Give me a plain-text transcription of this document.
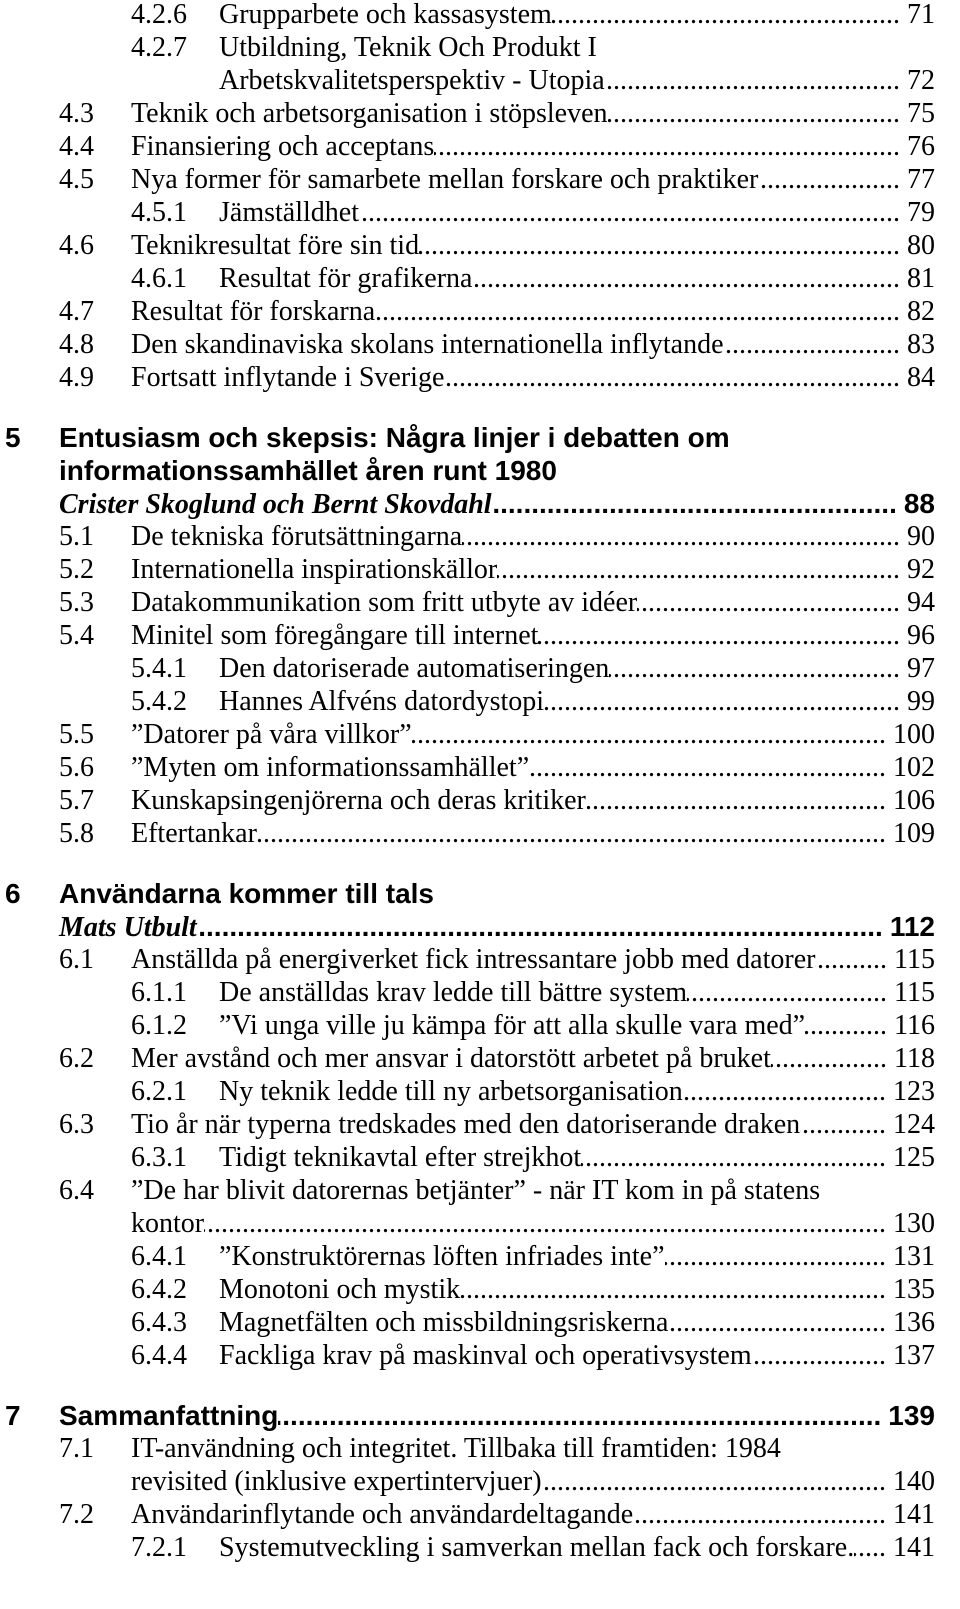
4.2.6	Grupparbete och kassasystem .....	71
4.2.7	Utbildning, Teknik Och Produkt I
Arbetskvalitetsperspektiv - Utopia .....	72
4.3	Teknik och arbetsorganisation i stöpsleven .....	75
4.4	Finansiering och acceptans .....	76
4.5	Nya former för samarbete mellan forskare och praktiker .....	77
4.5.1	Jämställdhet .....	79
4.6	Teknikresultat före sin tid .....	80
4.6.1	Resultat för grafikerna .....	81
4.7	Resultat för forskarna .....	82
4.8	Den skandinaviska skolans internationella inflytande .....	83
4.9	Fortsatt inflytande i Sverige .....	84
5	Entusiasm och skepsis: Några linjer i debatten om
informationssamhället åren runt 1980
Crister Skoglund och Bernt Skovdahl .....	88
5.1	De tekniska förutsättningarna .....	90
5.2	Internationella inspirationskällor .....	92
5.3	Datakommunikation som fritt utbyte av idéer .....	94
5.4	Minitel som föregångare till internet .....	96
5.4.1	Den datoriserade automatiseringen .....	97
5.4.2	Hannes Alfvéns datordystopi .....	99
5.5	”Datorer på våra villkor” .....	100
5.6	”Myten om informationssamhället” .....	102
5.7	Kunskapsingenjörerna och deras kritiker .....	106
5.8	Eftertankar .....	109
6	Användarna kommer till tals
Mats Utbult .....	112
6.1	Anställda på energiverket fick intressantare jobb med datorer .....	115
6.1.1	De anställdas krav ledde till bättre system .....	115
6.1.2	”Vi unga ville ju kämpa för att alla skulle vara med” .....	116
6.2	Mer avstånd och mer ansvar i datorstött arbetet på bruket .....	118
6.2.1	Ny teknik ledde till ny arbetsorganisation .....	123
6.3	Tio år när typerna tredskades med den datoriserande draken .....	124
6.3.1	Tidigt teknikavtal efter strejkhot .....	125
6.4	”De har blivit datorernas betjänter” - när IT kom in på statens
kontor .....	130
6.4.1	”Konstruktörernas löften infriades inte” .....	131
6.4.2	Monotoni och mystik .....	135
6.4.3	Magnetfälten och missbildningsriskerna .....	136
6.4.4	Fackliga krav på maskinval och operativsystem .....	137
7	Sammanfattning .....	139
7.1	IT-användning och integritet. Tillbaka till framtiden: 1984
revisited (inklusive expertintervjuer) .....	140
7.2	Användarinflytande och användardeltagande .....	141
7.2.1	Systemutveckling i samverkan mellan fack och forskare. ..... 141
